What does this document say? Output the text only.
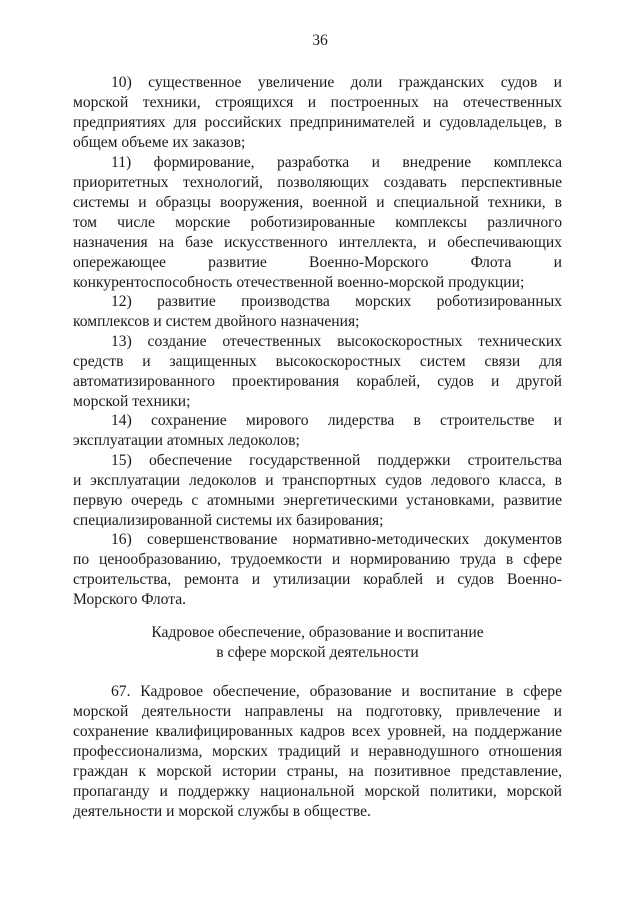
36
10) существенное увеличение доли гражданских судов и
морской техники, строящихся и построенных на отечественных
предприятиях для российских предпринимателей и судовладельцев, в
общем объеме их заказов;
11) формирование, разработка и внедрение комплекса
приоритетных технологий, позволяющих создавать перспективные
системы и образцы вооружения, военной и специальной техники, в
том числе морские роботизированные комплексы различного
назначения на базе искусственного интеллекта, и обеспечивающих
опережающее развитие Военно-Морского Флота и
конкурентоспособность отечественной военно-морской продукции;
12) развитие производства морских роботизированных
комплексов и систем двойного назначения;
13) создание отечественных высокоскоростных технических
средств и защищенных высокоскоростных систем связи для
автоматизированного проектирования кораблей, судов и другой
морской техники;
14) сохранение мирового лидерства в строительстве и
эксплуатации атомных ледоколов;
15) обеспечение государственной поддержки строительства
и эксплуатации ледоколов и транспортных судов ледового класса, в
первую очередь с атомными энергетическими установками, развитие
специализированной системы их базирования;
16) совершенствование нормативно-методических документов
по ценообразованию, трудоемкости и нормированию труда в сфере
строительства, ремонта и утилизации кораблей и судов Военно-
Морского Флота.
Кадровое обеспечение, образование и воспитание
в сфере морской деятельности
67. Кадровое обеспечение, образование и воспитание в сфере
морской деятельности направлены на подготовку, привлечение и
сохранение квалифицированных кадров всех уровней, на поддержание
профессионализма, морских традиций и неравнодушного отношения
граждан к морской истории страны, на позитивное представление,
пропаганду и поддержку национальной морской политики, морской
деятельности и морской службы в обществе.
